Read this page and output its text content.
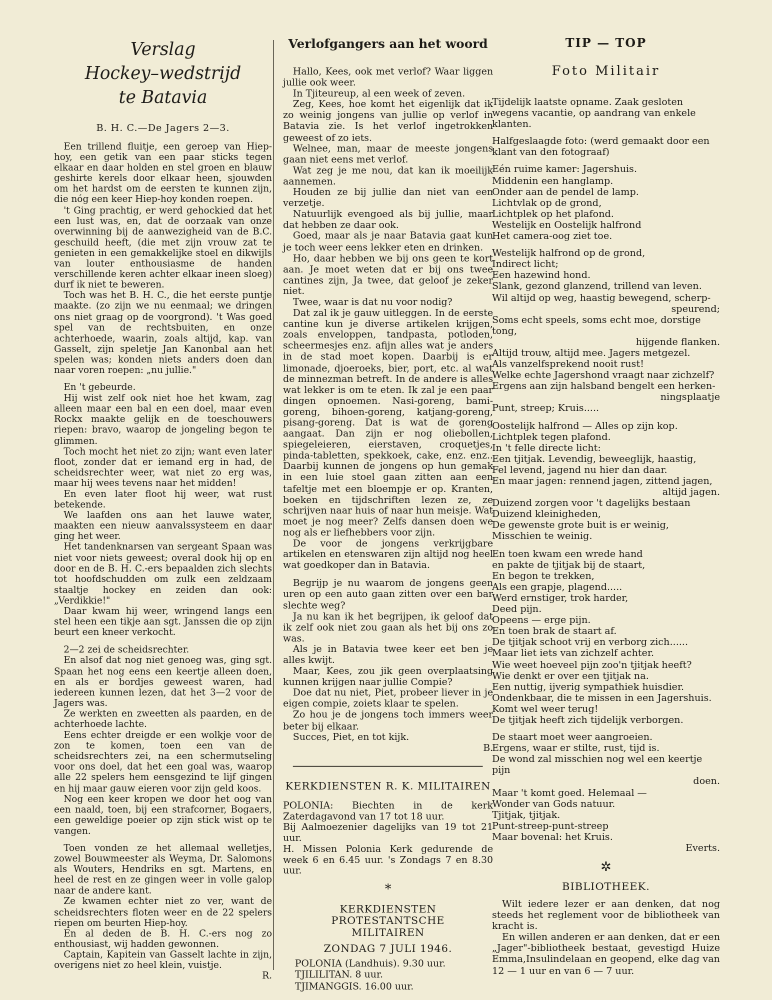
Verslag
Hockey–wedstrijd
te Batavia
B. H. C.—De Jagers 2—3.

Een trillend fluitje, een geroep van Hiep-hoy, een getik van een paar sticks tegen elkaar en daar holden en stel groen en blauw geshirte kerels door elkaar heen, sjouwden om het hardst om de eersten te kunnen zijn, die nóg een keer Hiep-hoy konden roepen.

't Ging prachtig, er werd gehockied dat het een lust was, en, dat de oorzaak van onze overwinning bij de aanwezigheid van de B.C. geschuild heeft, (die met zijn vrouw zat te genieten in een gemakkelijke stoel en dikwijls van louter enthousiasme de handen verschillende keren achter elkaar ineen sloeg) durf ik niet te beweren.

Toch was het B. H. C., die het eerste puntje maakte. (zo zijn we nu eenmaal; we dringen ons niet graag op de voorgrond). 't Was goed spel van de rechtsbuiten, en onze achterhoede, waarin, zoals altijd, kap. van Gasselt, zijn speletje Jan Kanonbal aan het spelen was; konden niets anders doen dan naar voren roepen: „nu jullie."

En 't gebeurde.

Hij wist zelf ook niet hoe het kwam, zag alleen maar een bal en een doel, maar even Rockx maakte gelijk en de toeschouwers riepen: bravo, waarop de jongeling begon te glimmen.

Toch mocht het niet zo zijn; want even later floot, zonder dat er iemand erg in had, de scheidsrechter weer, wat niet zo erg was, maar hij wees tevens naar het midden!

En even later floot hij weer, wat rust betekende.

We laafden ons aan het lauwe water, maakten een nieuw aanvalssysteem en daar ging het weer.

Het tandenknarsen van sergeant Spaan was niet voor niets geweest; overal dook hij op en door en de B. H. C.-ers bepaalden zich slechts tot hoofdschudden om zulk een zeldzaam staaltje hockey en zeiden dan ook: „Verdikkie!"

Daar kwam hij weer, wringend langs een stel heen een tikje aan sgt. Janssen die op zijn beurt een kneer verkocht.

2—2 zei de scheidsrechter.

En alsof dat nog niet genoeg was, ging sgt. Spaan het nog eens een keertje alleen doen, en als er bordjes geweest waren, had iedereen kunnen lezen, dat het 3—2 voor de Jagers was.

Ze werkten en zweetten als paarden, en de achterhoede lachte.

Eens echter dreigde er een wolkje voor de zon te komen, toen een van de scheidsrechters zei, na een schermutseling voor ons doel, dat het een goal was, waarop alle 22 spelers hem eensgezind te lijf gingen en hij maar gauw eieren voor zijn geld koos.

Nog een keer kropen we door het oog van een naald, toen, bij een strafcorner, Bogaers, een geweldige poeier op zijn stick wist op te vangen.

Toen vonden ze het allemaal welletjes, zowel Bouwmeester als Weyma, Dr. Salomons als Wouters, Hendriks en sgt. Martens, en heel de rest en ze gingen weer in volle galop naar de andere kant.

Ze kwamen echter niet zo ver, want de scheidsrechters floten weer en de 22 spelers riepen om beurten Hiep-hoy.

En al deden de B. H. C.-ers nog zo enthousiast, wij hadden gewonnen.

Captain, Kapitein van Gasselt lachte in zijn, overigens niet zo heel klein, vuistje.

R.
Verlofgangers aan het woord

Hallo, Kees, ook met verlof? Waar liggen jullie ook weer.

In Tjiteureup, al een week of zeven.

Zeg, Kees, hoe komt het eigenlijk dat ik zo weinig jongens van jullie op verlof in Batavia zie. Is het verlof ingetrokken geweest of zo iets.

Welnee, man, maar de meeste jongens gaan niet eens met verlof.

Wat zeg je me nou, dat kan ik moeilijk aannemen.

Houden ze bij jullie dan niet van een verzetje.

Natuurlijk evengoed als bij jullie, maar dat hebben ze daar ook.

Goed, maar als je naar Batavia gaat kun je toch weer eens lekker eten en drinken.

Ho, daar hebben we bij ons geen te kort aan. Je moet weten dat er bij ons twee cantines zijn, Ja twee, dat geloof je zeker niet.

Twee, waar is dat nu voor nodig?

Dat zal ik je gauw uitleggen. In de eerste cantine kun je diverse artikelen krijgen, zoals enveloppen, tandpasta, potloden, scheermesjes enz. afijn alles wat je anders in de stad moet kopen. Daarbij is er limonade, djoeroeks, bier, port, etc. al wat de minnezman betreft. In de andere is alles wat lekker is om te eten. Ik zal je een paar dingen opnoemen. Nasi-goreng, bami-goreng, bihoen-goreng, katjang-goreng, pisang-goreng. Dat is wat de goreng aangaat. Dan zijn er nog oliebollen, spiegeleieren, eierstaven, croquetjes, pinda-tabletten, spekkoek, cake, enz. enz.. Daarbij kunnen de jongens op hun gemak in een luie stoel gaan zitten aan een tafeltje met een bloempje er op. Kranten, boeken en tijdschriften lezen ze, ze schrijven naar huis of naar hun meisje. Wat moet je nog meer? Zelfs dansen doen we nog als er liefhebbers voor zijn.

De voor de jongens verkrijgbare artikelen en etenswaren zijn altijd nog heel wat goedkoper dan in Batavia.

Begrijp je nu waarom de jongens geen uren op een auto gaan zitten over een bar slechte weg?

Ja nu kan ik het begrijpen, ik geloof dat ik zelf ook niet zou gaan als het bij ons zo was.

Als je in Batavia twee keer eet ben je alles kwijt.

Maar, Kees, zou jik geen overplaatsing kunnen krijgen naar jullie Compie?

Doe dat nu niet, Piet, probeer liever in je eigen compie, zoiets klaar te spelen.

Zo hou je de jongens toch immers weer beter bij elkaar.

Succes, Piet, en tot kijk.

B.
KERKDIENSTEN R. K. MILITAIREN

POLONIA: Biechten in de kerk Zaterdagavond van 17 tot 18 uur.

Bij Aalmoezenier dagelijks van 19 tot 21 uur.

H. Missen Polonia Kerk gedurende de week 6 en 6.45 uur. 's Zondags 7 en 8.30 uur.

*
KERKDIENSTEN PROTESTANTSCHE MILITAIREN
ZONDAG 7 JULI 1946.

POLONIA (Landhuis). 9.30 uur.

TJILILITAN. 8 uur.

TJIMANGGIS. 16.00 uur.

TIP — TOP
Foto Militair

Tijdelijk laatste opname. Zaak gesloten wegens vacantie, op aandrang van enkele klanten.

Halfgeslaagde foto: (werd gemaakt door een klant van den fotograaf)

Eén ruime kamer: Jagershuis.

Middenin een hanglamp.

Onder aan de pendel de lamp.

Lichtvlak op de grond,

Lichtplek op het plafond.

Westelijk en Oostelijk halfrond

Het camera-oog ziet toe.

Westelijk halfrond op de grond,

Indirect licht;

Een hazewind hond.

Slank, gezond glanzend, trillend van leven.

Wil altijd op weg, haastig bewegend, scherp-

speurend;

Soms echt speels, soms echt moe, dorstige tong,

hijgende flanken.

Altijd trouw, altijd mee. Jagers metgezel.

Als vanzelfsprekend nooit rust!

Welke echte Jagershond vraagt naar zichzelf?

Ergens aan zijn halsband bengelt een herken-

ningsplaatje

Punt, streep; Kruis.....

Oostelijk halfrond — Alles op zijn kop.

Lichtplek tegen plafond.

In 't felle directe licht:

Een tjitjak. Levendig, beweeglijk, haastig,

Fel levend, jagend nu hier dan daar.

En maar jagen: rennend jagen, zittend jagen,

altijd jagen.

Duizend zorgen voor 't dagelijks bestaan

Duizend kleinigheden,

De gewenste grote buit is er weinig,

Misschien te weinig.

En toen kwam een wrede hand

en pakte de tjitjak bij de staart,

En begon te trekken,

Als een grapje, plagend.....

Werd ernstiger, trok harder,

Deed pijn.

Opeens — erge pijn.

En toen brak de staart af.

De tjitjak schoot vrij en verborg zich......

Maar liet iets van zichzelf achter.

Wie weet hoeveel pijn zoo'n tjitjak heeft?

Wie denkt er over een tjitjak na.

Een nuttig, ijverig sympathiek huisdier.

Ondenkbaar, die te missen in een Jagershuis.

Komt wel weer terug!

De tjitjak heeft zich tijdelijk verborgen.

De staart moet weer aangroeien.

Ergens, waar er stilte, rust, tijd is.

De wond zal misschien nog wel een keertje pijn

doen.

Maar 't komt goed. Helemaal —

Wonder van Gods natuur.

Tjitjak, tjitjak.

Punt-streep-punt-streep

Maar bovenal: het Kruis.

Everts.
✲
BIBLIOTHEEK.

Wilt iedere lezer er aan denken, dat nog steeds het reglement voor de bibliotheek van kracht is.

En willen anderen er aan denken, dat er een „Jager"-bibliotheek bestaat, gevestigd Huize Emma,Insulindelaan en geopend, elke dag van 12 — 1 uur en van 6 — 7 uur.
